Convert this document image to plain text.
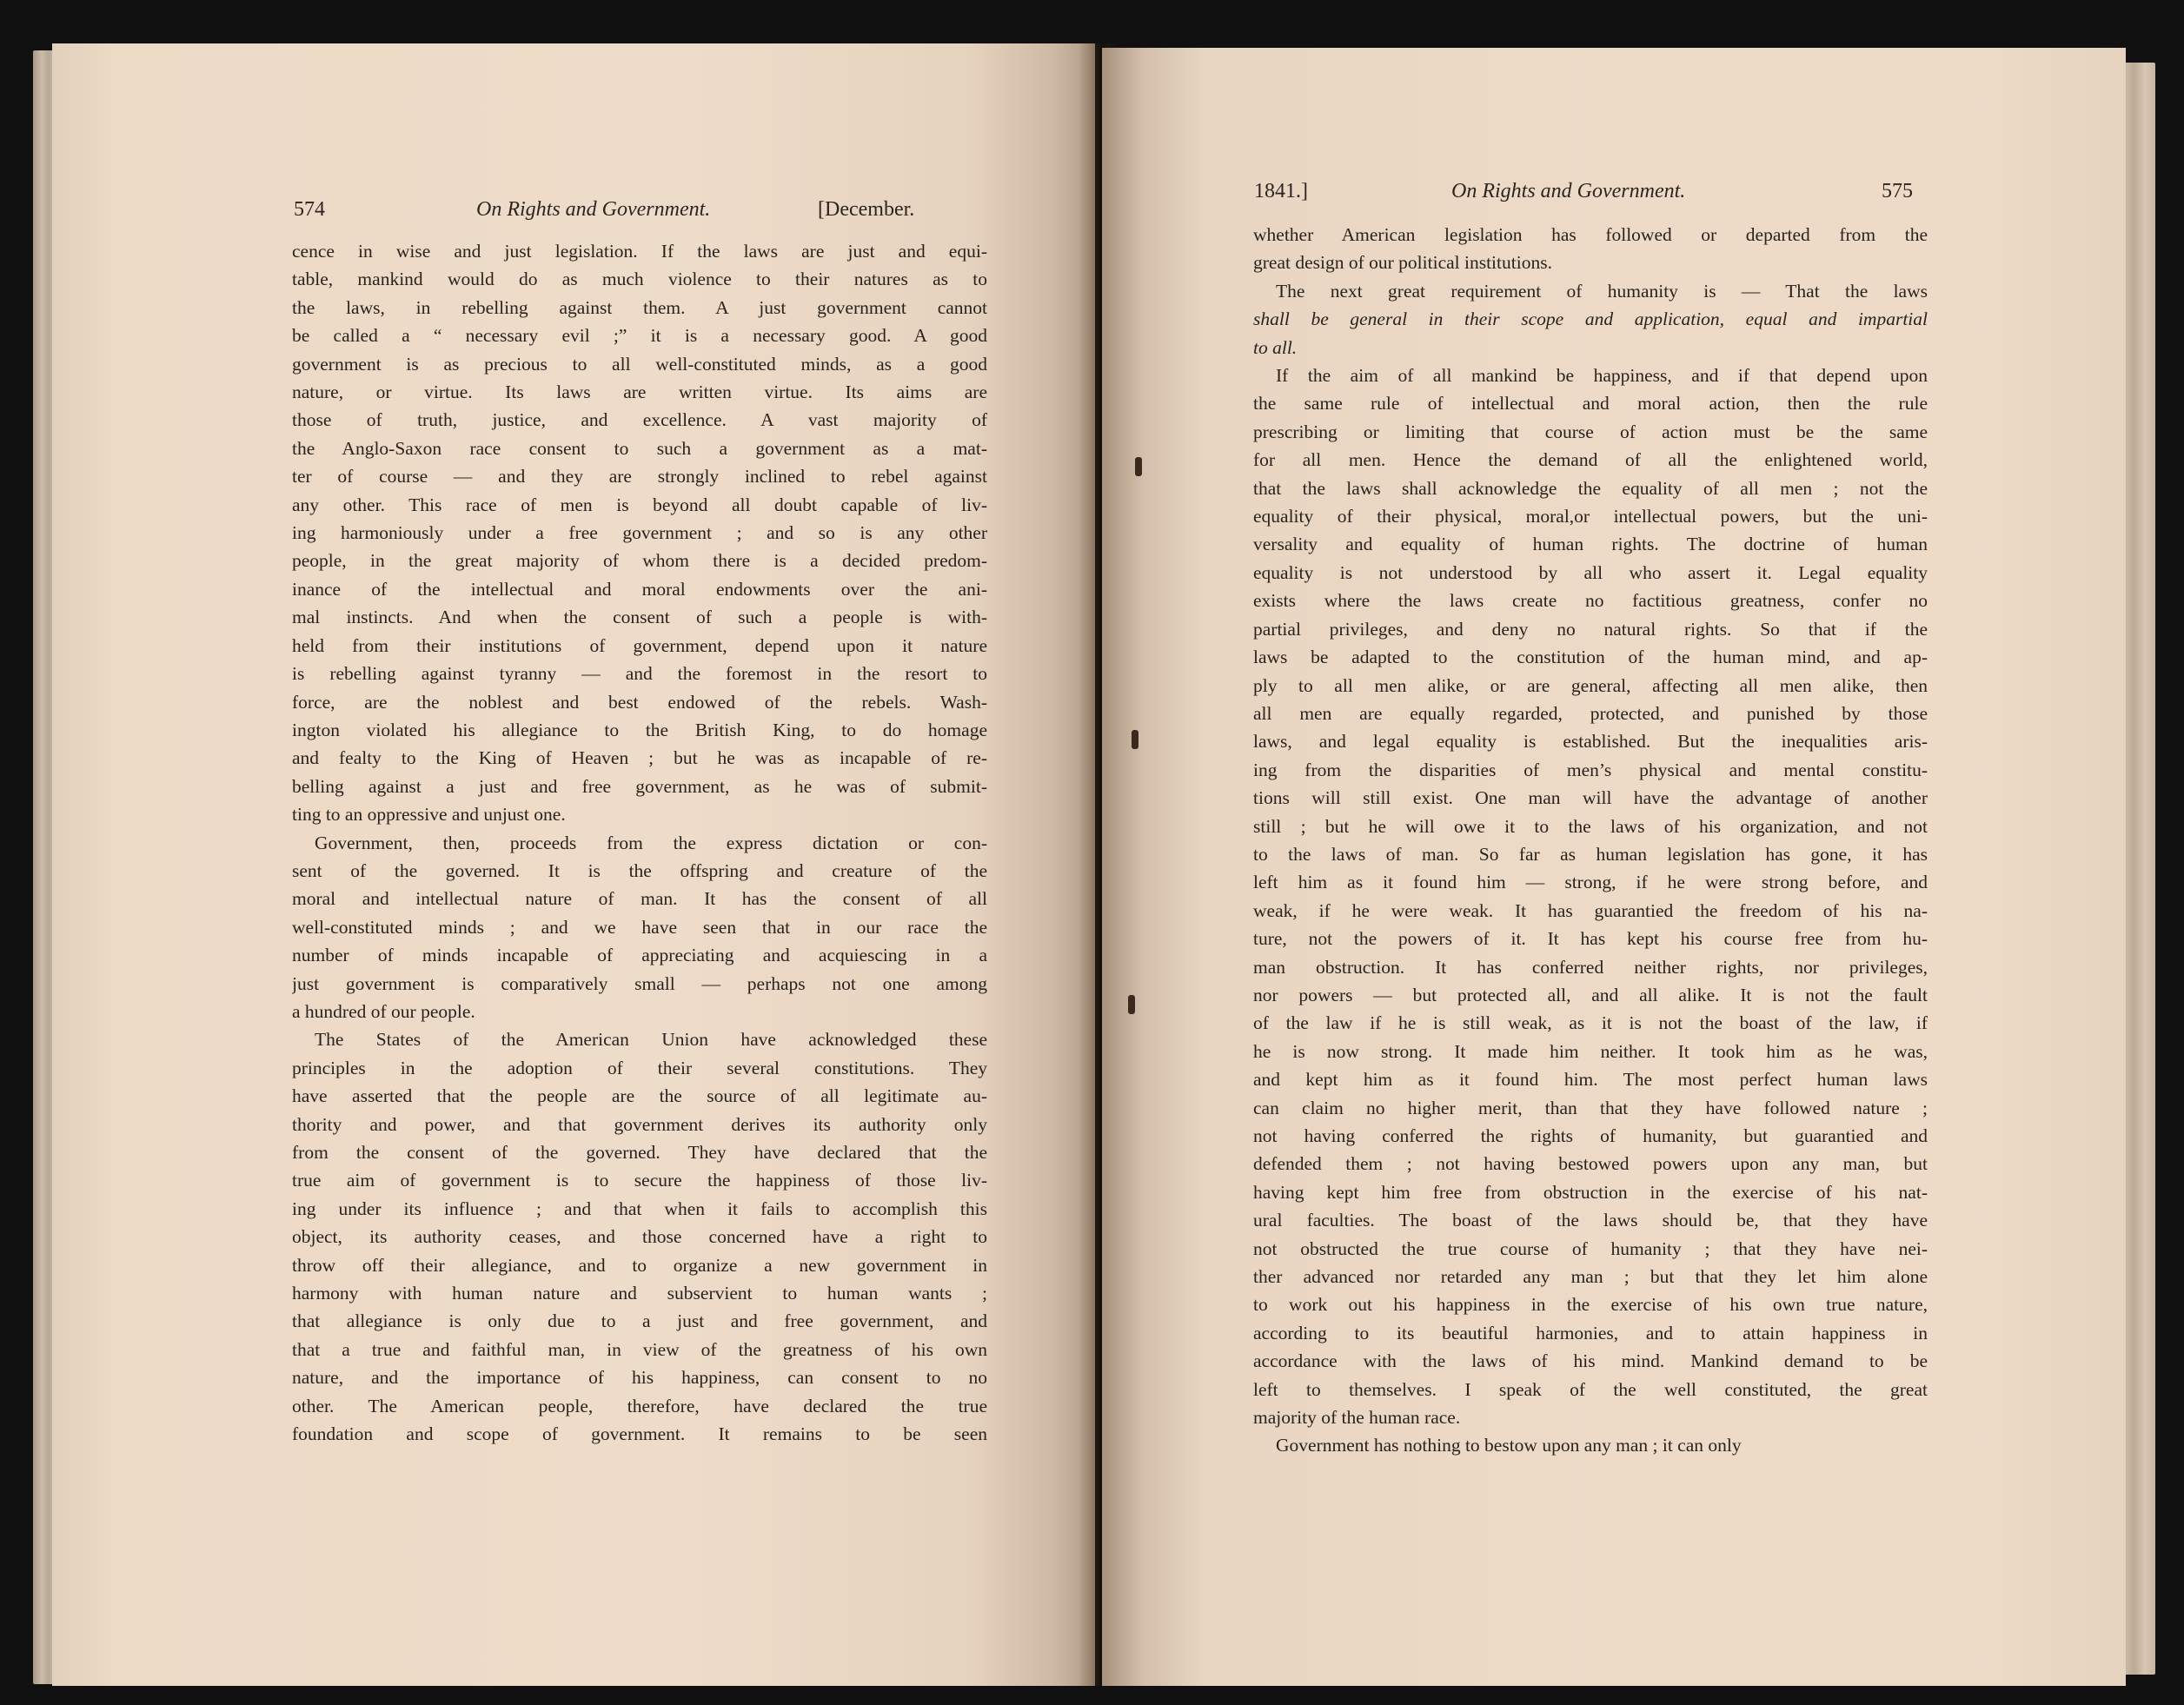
574	On Rights and Government.	[December.
cence in wise and just legislation. If the laws are just and equi-
table, mankind would do as much violence to their natures as to
the laws, in rebelling against them. A just government cannot
be called a “ necessary evil ;” it is a necessary good. A good
government is as precious to all well-constituted minds, as a good
nature, or virtue. Its laws are written virtue. Its aims are
those of truth, justice, and excellence. A vast majority of
the Anglo-Saxon race consent to such a government as a mat-
ter of course — and they are strongly inclined to rebel against
any other. This race of men is beyond all doubt capable of liv-
ing harmoniously under a free government ; and so is any other
people, in the great majority of whom there is a decided predom-
inance of the intellectual and moral endowments over the ani-
mal instincts. And when the consent of such a people is with-
held from their institutions of government, depend upon it nature
is rebelling against tyranny — and the foremost in the resort to
force, are the noblest and best endowed of the rebels. Wash-
ington violated his allegiance to the British King, to do homage
and fealty to the King of Heaven ; but he was as incapable of re-
belling against a just and free government, as he was of submit-
ting to an oppressive and unjust one.
Government, then, proceeds from the express dictation or con-
sent of the governed. It is the offspring and creature of the
moral and intellectual nature of man. It has the consent of all
well-constituted minds ; and we have seen that in our race the
number of minds incapable of appreciating and acquiescing in a
just government is comparatively small — perhaps not one among
a hundred of our people.
The States of the American Union have acknowledged these
principles in the adoption of their several constitutions. They
have asserted that the people are the source of all legitimate au-
thority and power, and that government derives its authority only
from the consent of the governed. They have declared that the
true aim of government is to secure the happiness of those liv-
ing under its influence ; and that when it fails to accomplish this
object, its authority ceases, and those concerned have a right to
throw off their allegiance, and to organize a new government in
harmony with human nature and subservient to human wants ;
that allegiance is only due to a just and free government, and
that a true and faithful man, in view of the greatness of his own
nature, and the importance of his happiness, can consent to no
other. The American people, therefore, have declared the true
foundation and scope of government. It remains to be seen
1841.]	On Rights and Government.	575
whether American legislation has followed or departed from the
great design of our political institutions.
The next great requirement of humanity is — That the laws
shall be general in their scope and application, equal and impartial
to all.
If the aim of all mankind be happiness, and if that depend upon
the same rule of intellectual and moral action, then the rule
prescribing or limiting that course of action must be the same
for all men. Hence the demand of all the enlightened world,
that the laws shall acknowledge the equality of all men ; not the
equality of their physical, moral,or intellectual powers, but the uni-
versality and equality of human rights. The doctrine of human
equality is not understood by all who assert it. Legal equality
exists where the laws create no factitious greatness, confer no
partial privileges, and deny no natural rights. So that if the
laws be adapted to the constitution of the human mind, and ap-
ply to all men alike, or are general, affecting all men alike, then
all men are equally regarded, protected, and punished by those
laws, and legal equality is established. But the inequalities aris-
ing from the disparities of men’s physical and mental constitu-
tions will still exist. One man will have the advantage of another
still ; but he will owe it to the laws of his organization, and not
to the laws of man. So far as human legislation has gone, it has
left him as it found him — strong, if he were strong before, and
weak, if he were weak. It has guarantied the freedom of his na-
ture, not the powers of it. It has kept his course free from hu-
man obstruction. It has conferred neither rights, nor privileges,
nor powers — but protected all, and all alike. It is not the fault
of the law if he is still weak, as it is not the boast of the law, if
he is now strong. It made him neither. It took him as he was,
and kept him as it found him. The most perfect human laws
can claim no higher merit, than that they have followed nature ;
not having conferred the rights of humanity, but guarantied and
defended them ; not having bestowed powers upon any man, but
having kept him free from obstruction in the exercise of his nat-
ural faculties. The boast of the laws should be, that they have
not obstructed the true course of humanity ; that they have nei-
ther advanced nor retarded any man ; but that they let him alone
to work out his happiness in the exercise of his own true nature,
according to its beautiful harmonies, and to attain happiness in
accordance with the laws of his mind. Mankind demand to be
left to themselves. I speak of the well constituted, the great
majority of the human race.
Government has nothing to bestow upon any man ; it can only
